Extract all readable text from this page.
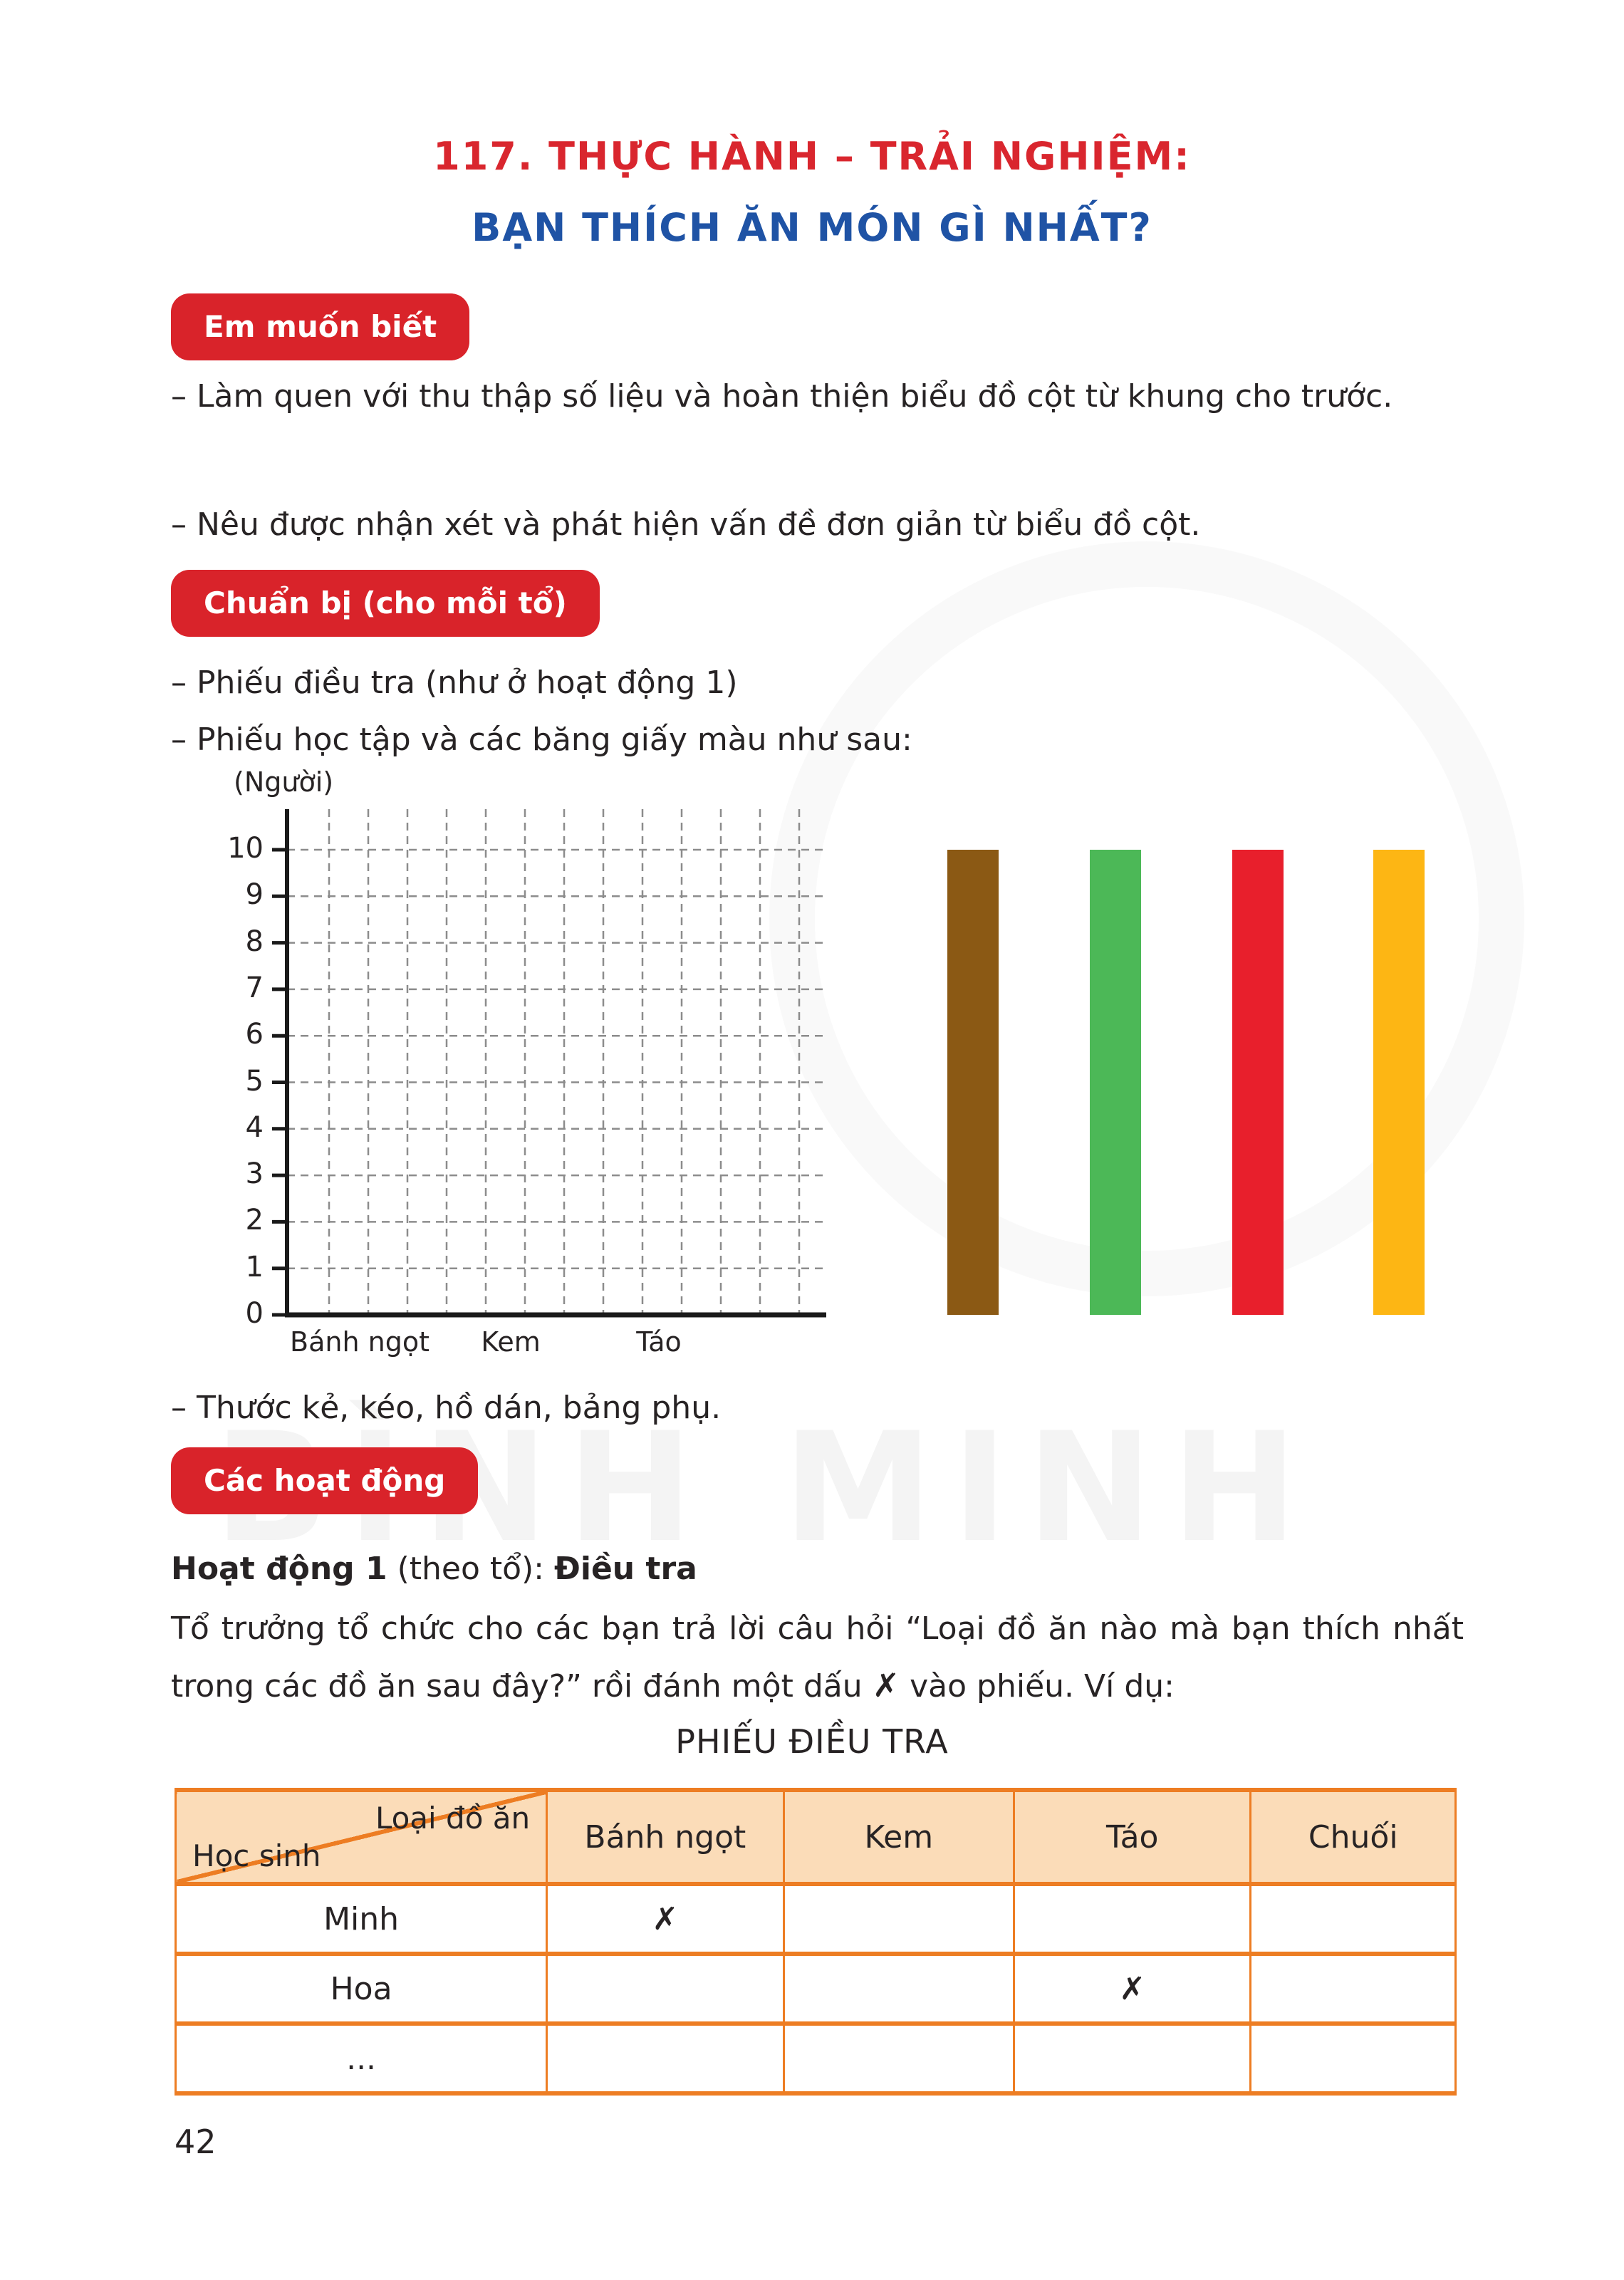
117. THỰC HÀNH – TRẢI NGHIỆM:
BẠN THÍCH ĂN MÓN GÌ NHẤT?
Em muốn biết
– Làm quen với thu thập số liệu và hoàn thiện biểu đồ cột từ khung cho trước.
– Nêu được nhận xét và phát hiện vấn đề đơn giản từ biểu đồ cột.
Chuẩn bị (cho mỗi tổ)
– Phiếu điều tra (như ở hoạt động 1)
– Phiếu học tập và các băng giấy màu như sau:
(Người)
10
9
8
7
6
5
4
3
2
1
0
Bánh ngọt Kem	Táo
– Thước kẻ, kéo, hồ dán, bảng phụ.
Các hoạt động
Hoạt động 1 (theo tổ): Điều tra
Tổ trưởng tổ chức cho các bạn trả lời câu hỏi “Loại đồ ăn nào mà bạn thích nhất trong các đồ ăn sau đây?” rồi đánh một dấu ✗ vào phiếu. Ví dụ:
PHIẾU ĐIỀU TRA
Loại đồ ăn
Học sinh	Bánh ngọt	Kem	Táo	Chuối
Minh	✗			
Hoa			✗	
...				
42
